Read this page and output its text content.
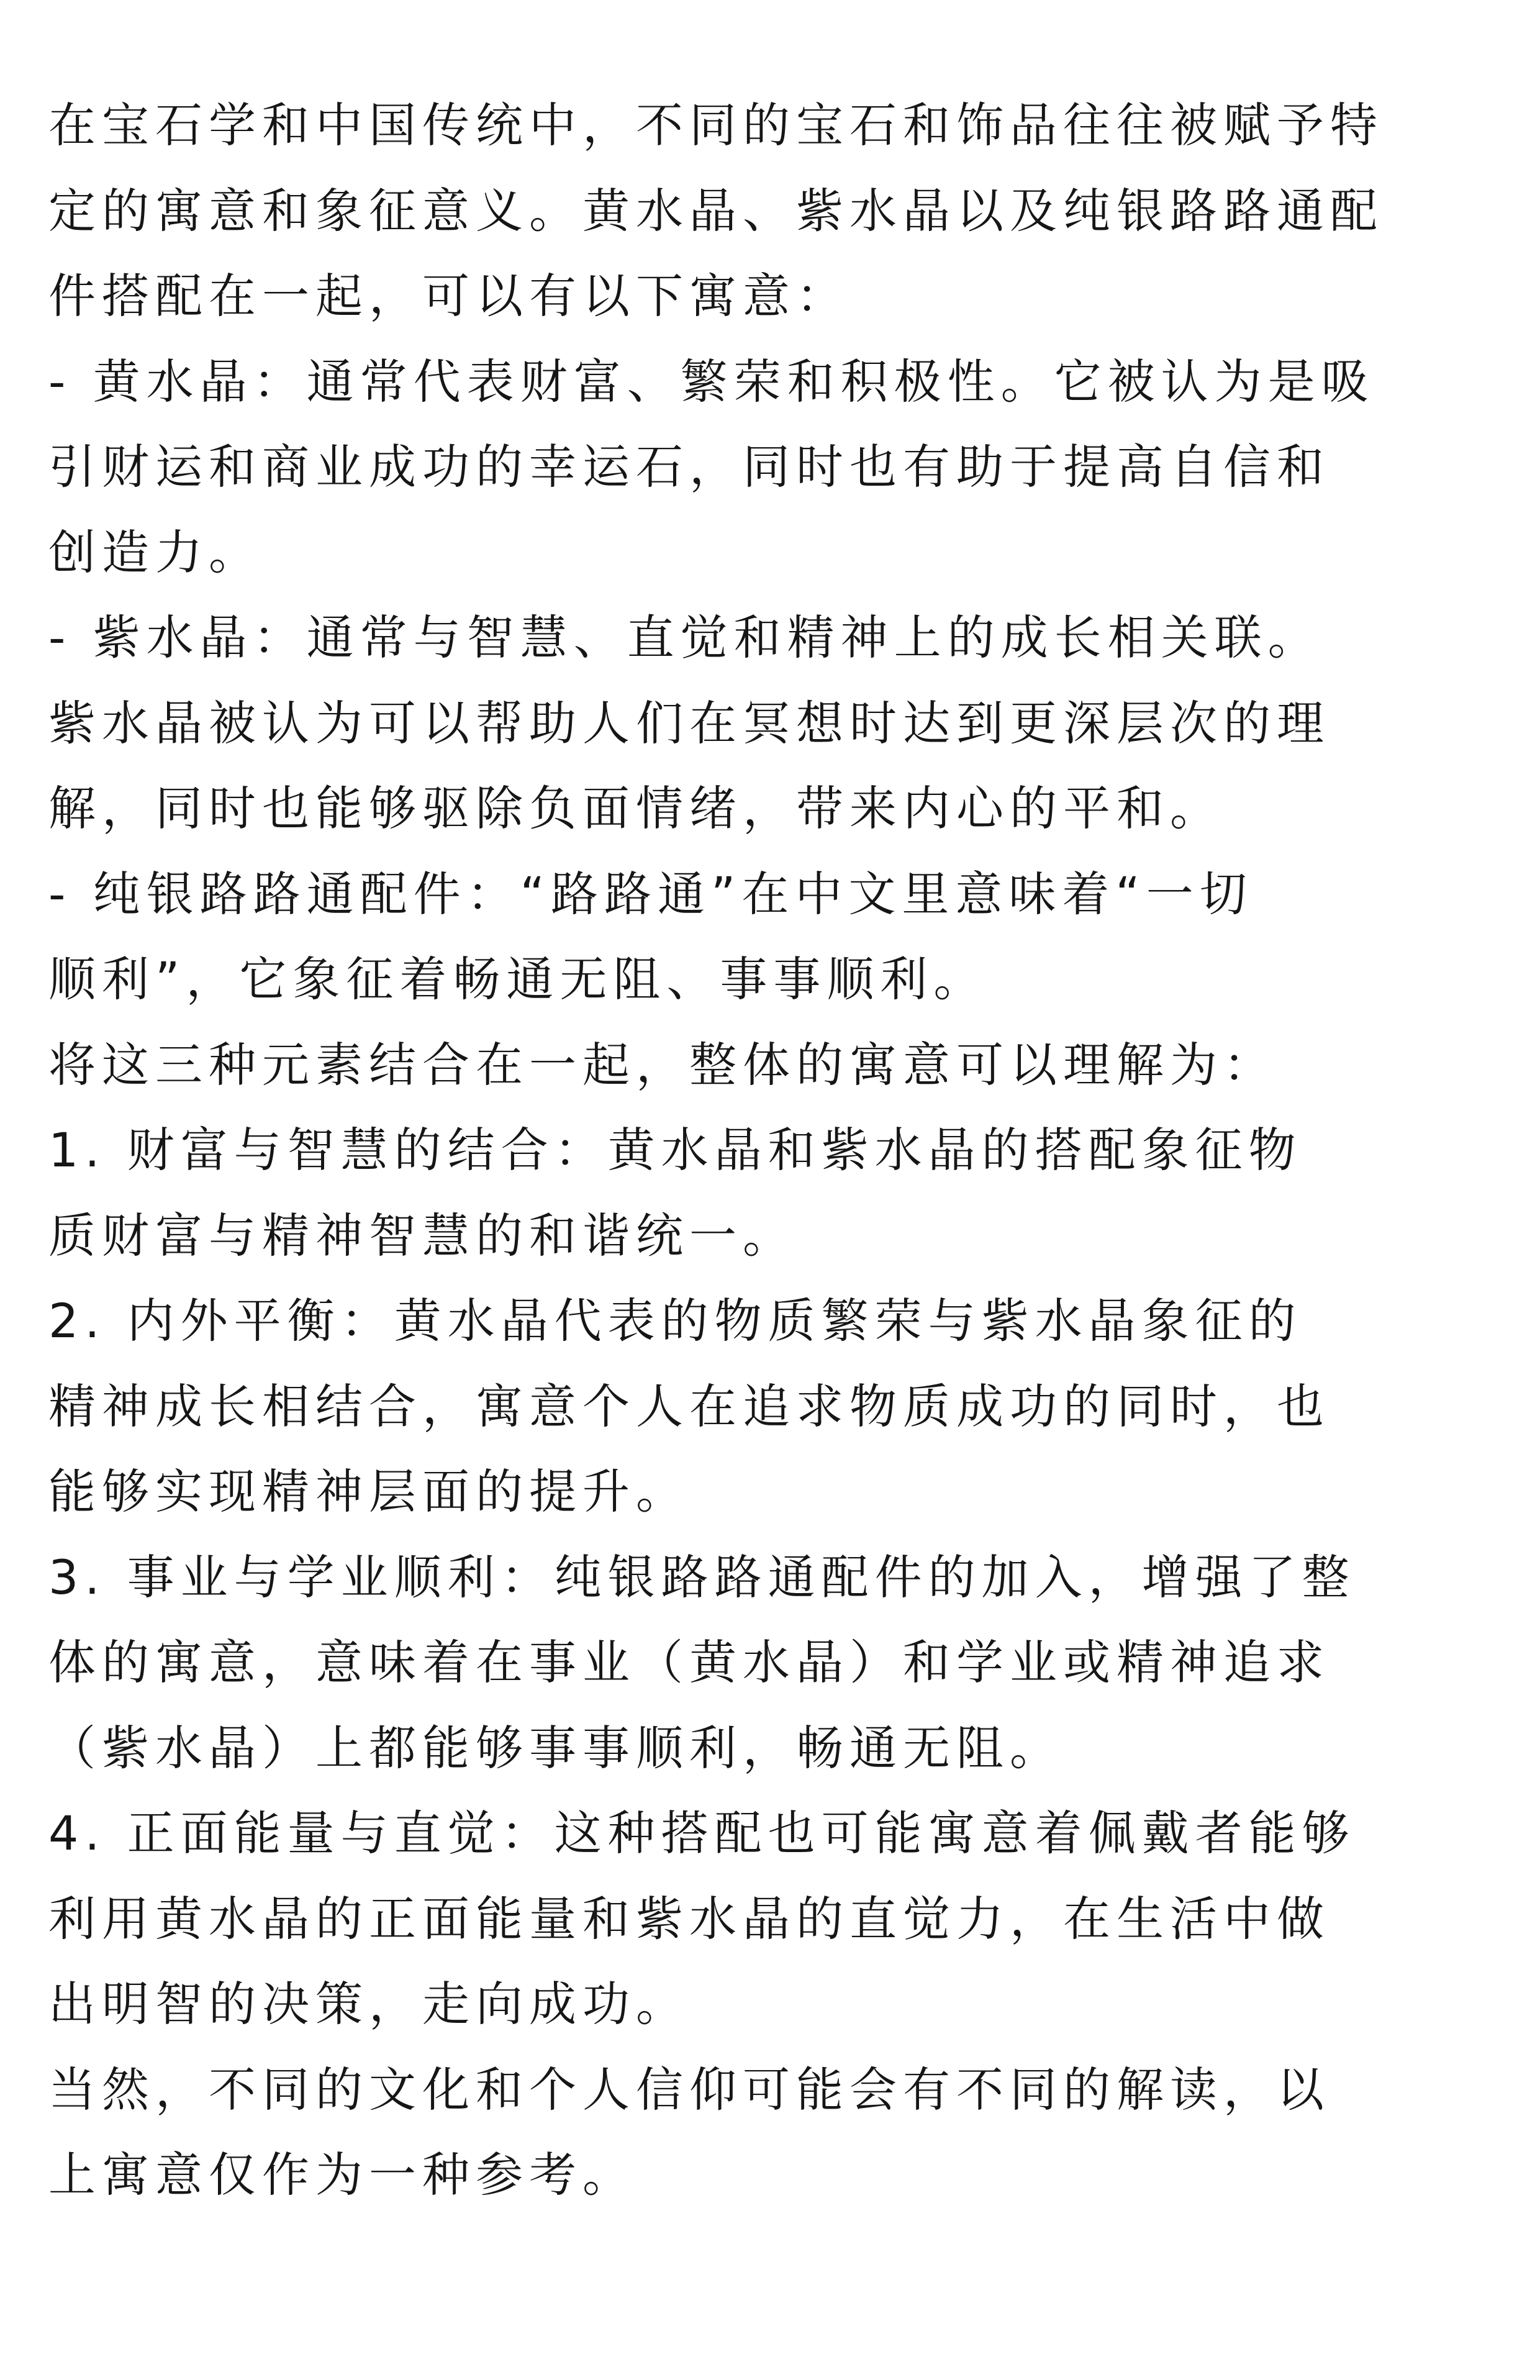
在宝石学和中国传统中，不同的宝石和饰品往往被赋予特
定的寓意和象征意义。黄水晶、紫水晶以及纯银路路通配
件搭配在一起，可以有以下寓意：
- 黄水晶：通常代表财富、繁荣和积极性。它被认为是吸
引财运和商业成功的幸运石，同时也有助于提高自信和
创造力。
- 紫水晶：通常与智慧、直觉和精神上的成长相关联。
紫水晶被认为可以帮助人们在冥想时达到更深层次的理
解，同时也能够驱除负面情绪，带来内心的平和。
- 纯银路路通配件：“路路通”在中文里意味着“一切
顺利”，它象征着畅通无阻、事事顺利。
将这三种元素结合在一起，整体的寓意可以理解为：
1. 财富与智慧的结合：黄水晶和紫水晶的搭配象征物
质财富与精神智慧的和谐统一。
2. 内外平衡：黄水晶代表的物质繁荣与紫水晶象征的
精神成长相结合，寓意个人在追求物质成功的同时，也
能够实现精神层面的提升。
3. 事业与学业顺利：纯银路路通配件的加入，增强了整
体的寓意，意味着在事业（黄水晶）和学业或精神追求
（紫水晶）上都能够事事顺利，畅通无阻。
4. 正面能量与直觉：这种搭配也可能寓意着佩戴者能够
利用黄水晶的正面能量和紫水晶的直觉力，在生活中做
出明智的决策，走向成功。
当然，不同的文化和个人信仰可能会有不同的解读，以
上寓意仅作为一种参考。
